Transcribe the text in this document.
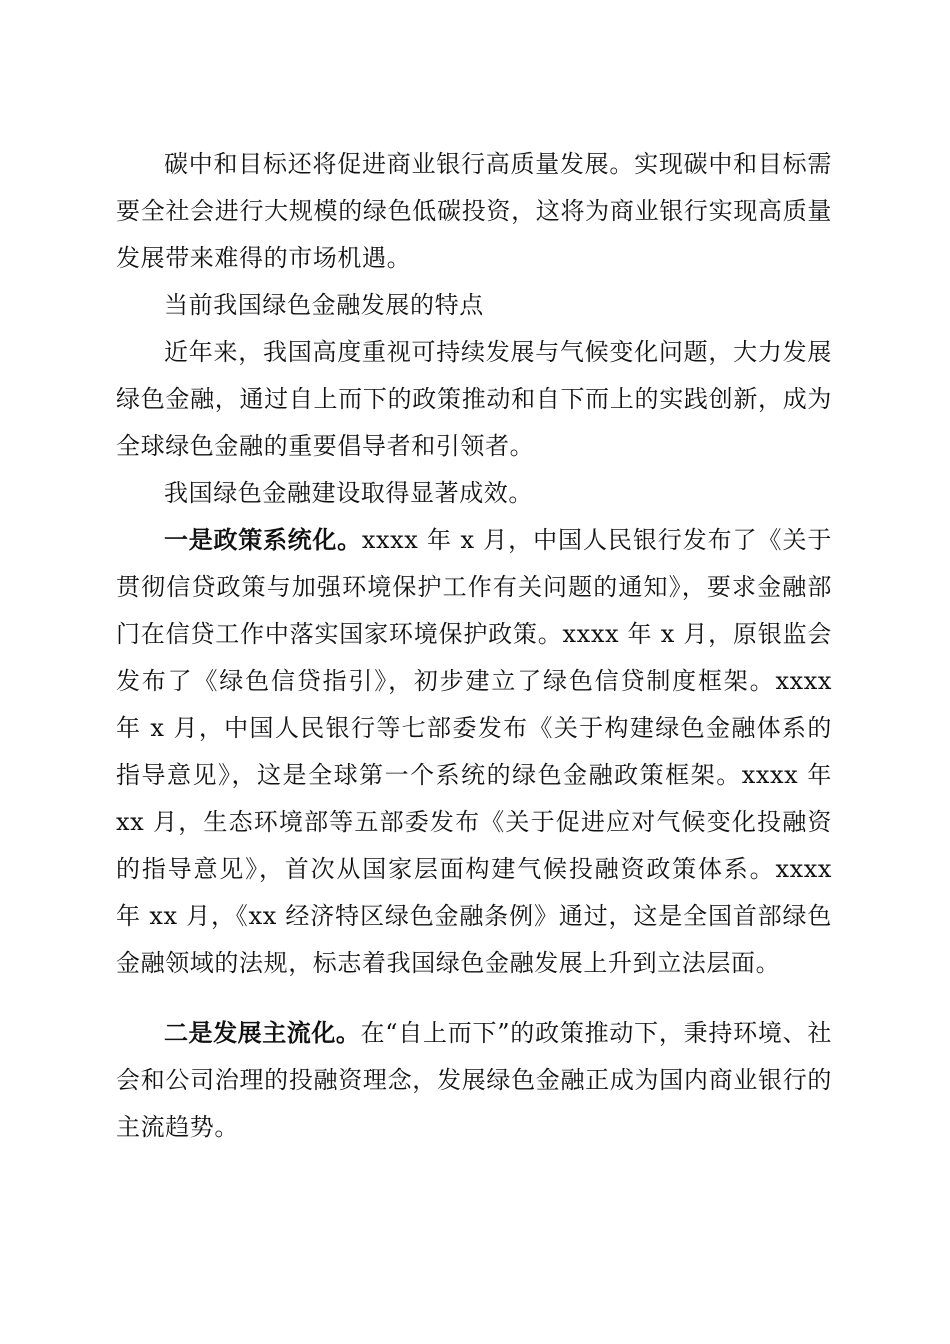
碳中和目标还将促进商业银行高质量发展。实现碳中和目标需要全社会进行大规模的绿色低碳投资，这将为商业银行实现高质量发展带来难得的市场机遇。

当前我国绿色金融发展的特点

近年来，我国高度重视可持续发展与气候变化问题，大力发展绿色金融，通过自上而下的政策推动和自下而上的实践创新，成为全球绿色金融的重要倡导者和引领者。

我国绿色金融建设取得显著成效。

一是政策系统化。xxxx 年 x 月，中国人民银行发布了《关于贯彻信贷政策与加强环境保护工作有关问题的通知》，要求金融部门在信贷工作中落实国家环境保护政策。xxxx 年 x 月，原银监会发布了《绿色信贷指引》，初步建立了绿色信贷制度框架。xxxx 年 x 月，中国人民银行等七部委发布《关于构建绿色金融体系的指导意见》，这是全球第一个系统的绿色金融政策框架。xxxx 年 xx 月，生态环境部等五部委发布《关于促进应对气候变化投融资的指导意见》，首次从国家层面构建气候投融资政策体系。xxxx 年 xx 月，《xx 经济特区绿色金融条例》通过，这是全国首部绿色金融领域的法规，标志着我国绿色金融发展上升到立法层面。

二是发展主流化。在“自上而下”的政策推动下，秉持环境、社会和公司治理的投融资理念，发展绿色金融正成为国内商业银行的主流趋势。
